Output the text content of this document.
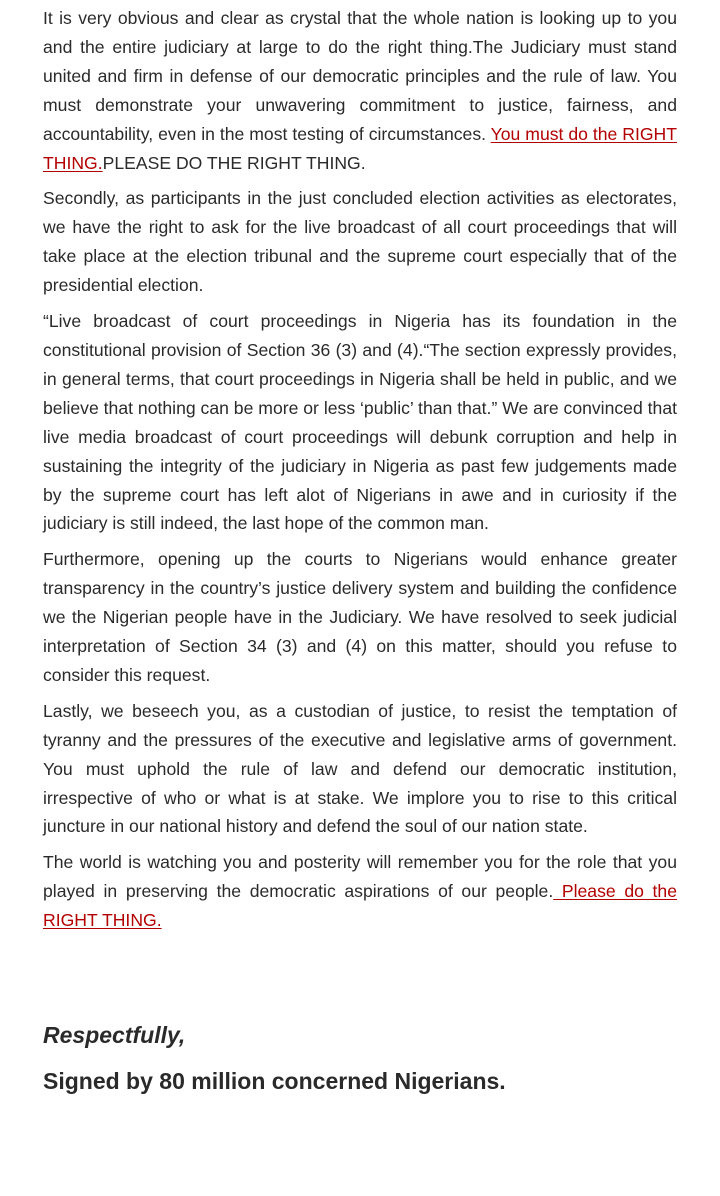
It is very obvious and clear as crystal that the whole nation is looking up to you and the entire judiciary at large to do the right thing.The Judiciary must stand united and firm in defense of our democratic principles and the rule of law. You must demonstrate your unwavering commitment to justice, fairness, and accountability, even in the most testing of circumstances. You must do the RIGHT THING.PLEASE DO THE RIGHT THING.

Secondly, as participants in the just concluded election activities as electorates, we have the right to ask for the live broadcast of all court proceedings that will take place at the election tribunal and the supreme court especially that of the presidential election.

“Live broadcast of court proceedings in Nigeria has its foundation in the constitutional provision of Section 36 (3) and (4).“The section expressly provides, in general terms, that court proceedings in Nigeria shall be held in public, and we believe that nothing can be more or less ‘public’ than that.” We are convinced that live media broadcast of court proceedings will debunk corruption and help in sustaining the integrity of the judiciary in Nigeria as past few judgements made by the supreme court has left alot of Nigerians in awe and in curiosity if the judiciary is still indeed, the last hope of the common man.

Furthermore, opening up the courts to Nigerians would enhance greater transparency in the country’s justice delivery system and building the confidence we the Nigerian people have in the Judiciary. We have resolved to seek judicial interpretation of Section 34 (3) and (4) on this matter, should you refuse to consider this request.

Lastly, we beseech you, as a custodian of justice, to resist the temptation of tyranny and the pressures of the executive and legislative arms of government. You must uphold the rule of law and defend our democratic institution, irrespective of who or what is at stake. We implore you to rise to this critical juncture in our national history and defend the soul of our nation state.

The world is watching you and posterity will remember you for the role that you played in preserving the democratic aspirations of our people. Please do the RIGHT THING.

Respectfully,

Signed by 80 million concerned Nigerians.
